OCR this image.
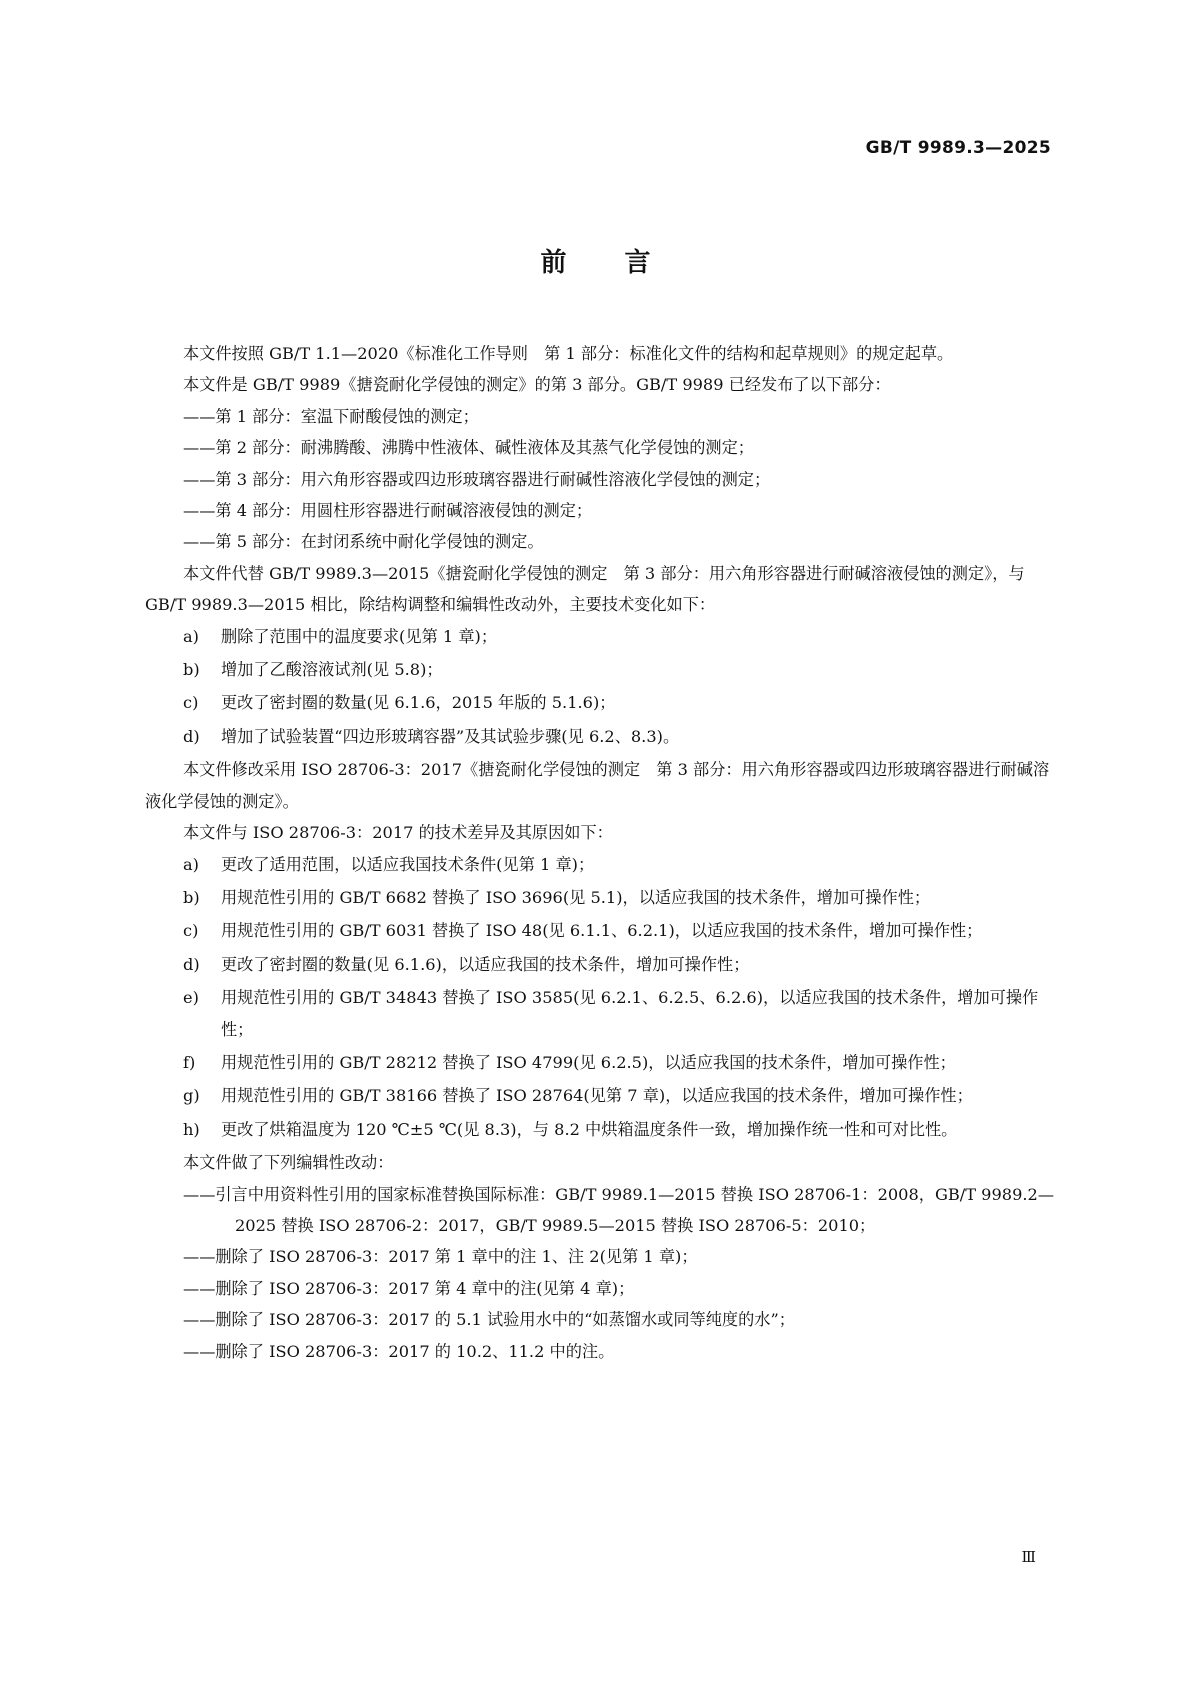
GB/T 9989.3—2025
前言

本文件按照 GB/T 1.1—2020《标准化工作导则　第 1 部分：标准化文件的结构和起草规则》的规定起草。

本文件是 GB/T 9989《搪瓷耐化学侵蚀的测定》的第 3 部分。GB/T 9989 已经发布了以下部分：

——第 1 部分：室温下耐酸侵蚀的测定；

——第 2 部分：耐沸腾酸、沸腾中性液体、碱性液体及其蒸气化学侵蚀的测定；

——第 3 部分：用六角形容器或四边形玻璃容器进行耐碱性溶液化学侵蚀的测定；

——第 4 部分：用圆柱形容器进行耐碱溶液侵蚀的测定；

——第 5 部分：在封闭系统中耐化学侵蚀的测定。

本文件代替 GB/T 9989.3—2015《搪瓷耐化学侵蚀的测定　第 3 部分：用六角形容器进行耐碱溶液侵蚀的测定》，与 GB/T 9989.3—2015 相比，除结构调整和编辑性改动外，主要技术变化如下：

a)	删除了范围中的温度要求(见第 1 章)；

b)	增加了乙酸溶液试剂(见 5.8)；

c)	更改了密封圈的数量(见 6.1.6，2015 年版的 5.1.6)；

d)	增加了试验装置“四边形玻璃容器”及其试验步骤(见 6.2、8.3)。

本文件修改采用 ISO 28706-3：2017《搪瓷耐化学侵蚀的测定　第 3 部分：用六角形容器或四边形玻璃容器进行耐碱溶液化学侵蚀的测定》。

本文件与 ISO 28706-3：2017 的技术差异及其原因如下：

a)	更改了适用范围，以适应我国技术条件(见第 1 章)；

b)	用规范性引用的 GB/T 6682 替换了 ISO 3696(见 5.1)，以适应我国的技术条件，增加可操作性；

c)	用规范性引用的 GB/T 6031 替换了 ISO 48(见 6.1.1、6.2.1)，以适应我国的技术条件，增加可操作性；

d)	更改了密封圈的数量(见 6.1.6)，以适应我国的技术条件，增加可操作性；

e)	用规范性引用的 GB/T 34843 替换了 ISO 3585(见 6.2.1、6.2.5、6.2.6)，以适应我国的技术条件，增加可操作性；

f)	用规范性引用的 GB/T 28212 替换了 ISO 4799(见 6.2.5)，以适应我国的技术条件，增加可操作性；

g)	用规范性引用的 GB/T 38166 替换了 ISO 28764(见第 7 章)，以适应我国的技术条件，增加可操作性；

h)	更改了烘箱温度为 120 ℃±5 ℃(见 8.3)，与 8.2 中烘箱温度条件一致，增加操作统一性和可对比性。

本文件做了下列编辑性改动：

——引言中用资料性引用的国家标准替换国际标准：GB/T 9989.1—2015 替换 ISO 28706-1：2008，GB/T 9989.2—2025 替换 ISO 28706-2：2017，GB/T 9989.5—2015 替换 ISO 28706-5：2010；

——删除了 ISO 28706-3：2017 第 1 章中的注 1、注 2(见第 1 章)；

——删除了 ISO 28706-3：2017 第 4 章中的注(见第 4 章)；

——删除了 ISO 28706-3：2017 的 5.1 试验用水中的“如蒸馏水或同等纯度的水”；

——删除了 ISO 28706-3：2017 的 10.2、11.2 中的注。

Ⅲ
